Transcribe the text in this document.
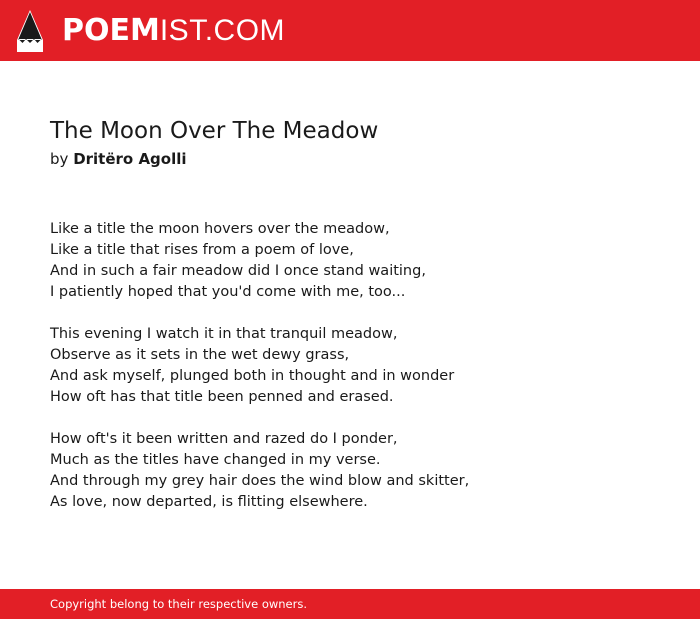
POEMIST.COM
The Moon Over The Meadow
by Dritëro Agolli
Like a title the moon hovers over the meadow,
Like a title that rises from a poem of love,
And in such a fair meadow did I once stand waiting,
I patiently hoped that you'd come with me, too...
This evening I watch it in that tranquil meadow,
Observe as it sets in the wet dewy grass,
And ask myself, plunged both in thought and in wonder
How oft has that title been penned and erased.
How oft's it been written and razed do I ponder,
Much as the titles have changed in my verse.
And through my grey hair does the wind blow and skitter,
As love, now departed, is flitting elsewhere.
Copyright belong to their respective owners.
